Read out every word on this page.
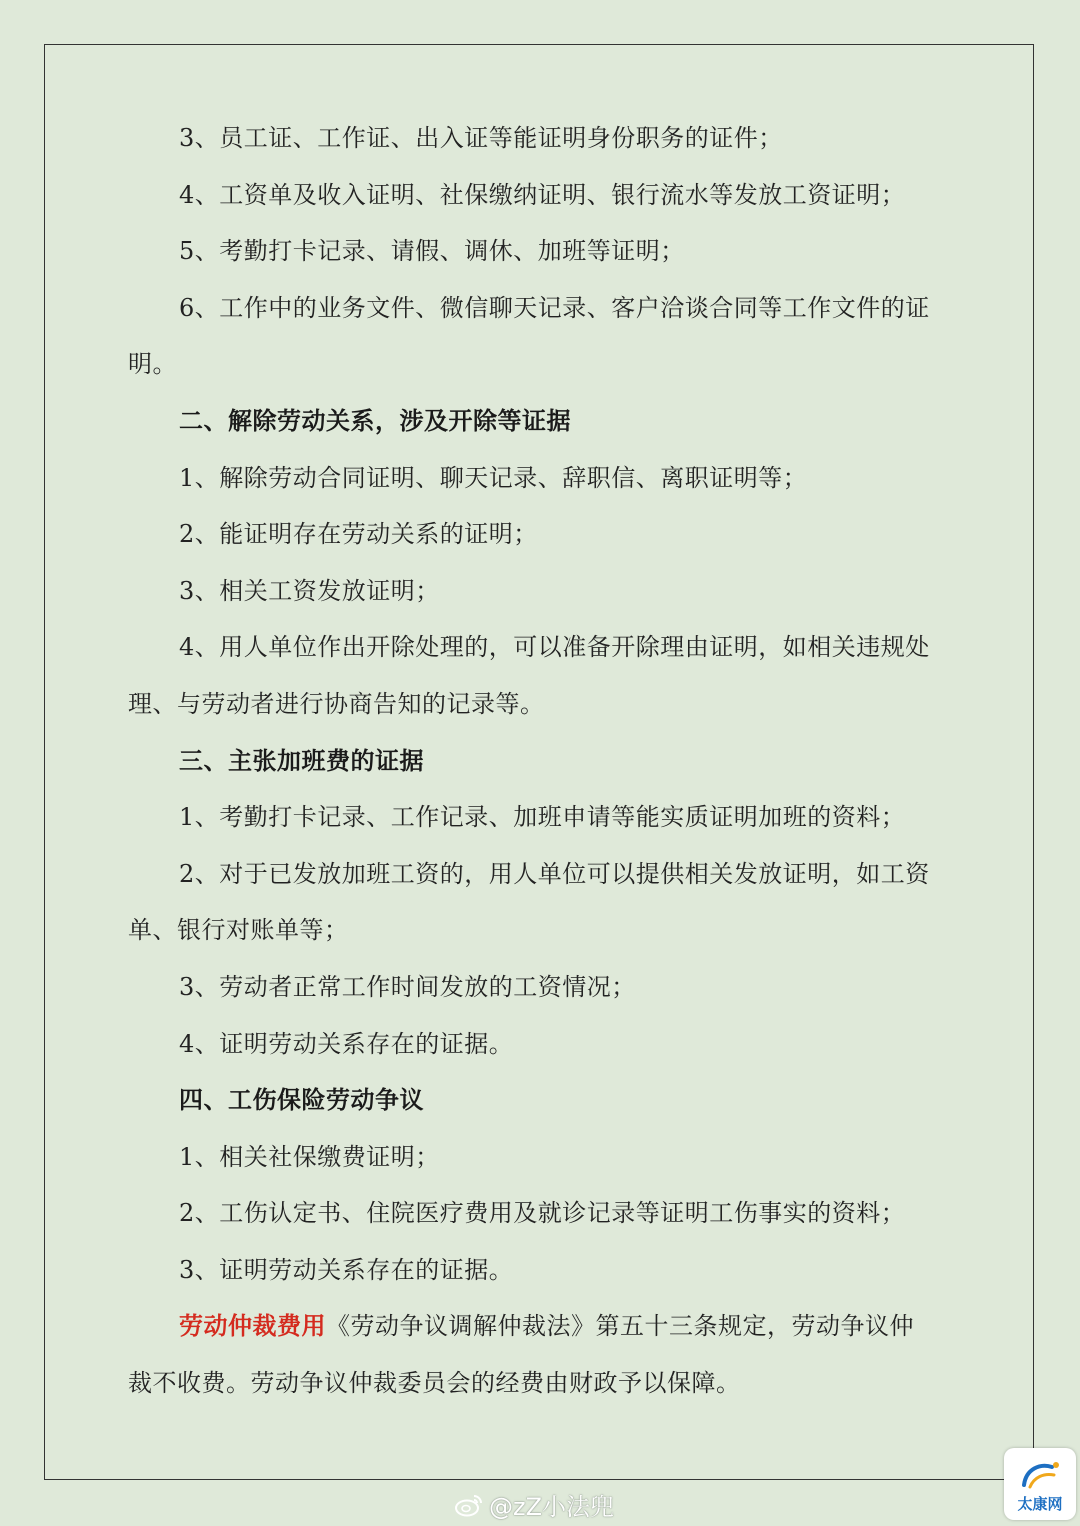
3、员工证、工作证、出入证等能证明身份职务的证件；
4、工资单及收入证明、社保缴纳证明、银行流水等发放工资证明；
5、考勤打卡记录、请假、调休、加班等证明；
6、工作中的业务文件、微信聊天记录、客户洽谈合同等工作文件的证
明。
二、解除劳动关系，涉及开除等证据
1、解除劳动合同证明、聊天记录、辞职信、离职证明等；
2、能证明存在劳动关系的证明；
3、相关工资发放证明；
4、用人单位作出开除处理的，可以准备开除理由证明，如相关违规处
理、与劳动者进行协商告知的记录等。
三、主张加班费的证据
1、考勤打卡记录、工作记录、加班申请等能实质证明加班的资料；
2、对于已发放加班工资的，用人单位可以提供相关发放证明，如工资
单、银行对账单等；
3、劳动者正常工作时间发放的工资情况；
4、证明劳动关系存在的证据。
四、工伤保险劳动争议
1、相关社保缴费证明；
2、工伤认定书、住院医疗费用及就诊记录等证明工伤事实的资料；
3、证明劳动关系存在的证据。
劳动仲裁费用《劳动争议调解仲裁法》第五十三条规定，劳动争议仲
裁不收费。劳动争议仲裁委员会的经费由财政予以保障。
@zZ小法兜	太康网
